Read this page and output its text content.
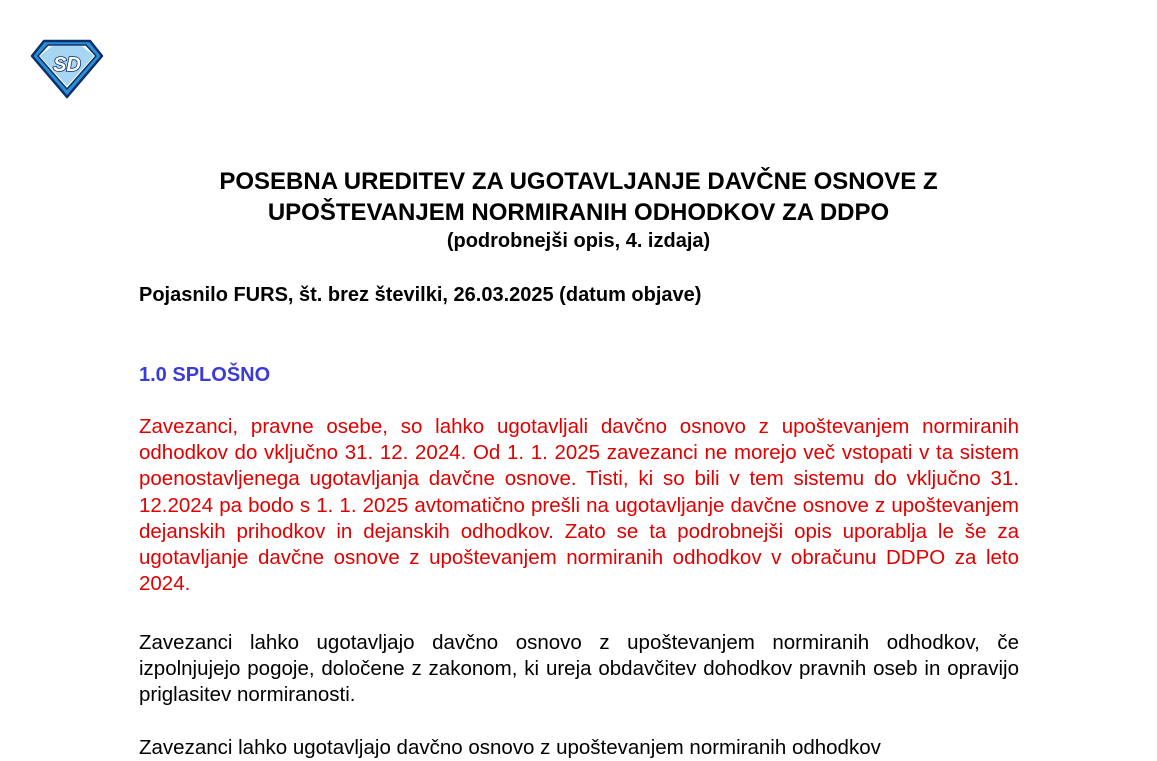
SD

POSEBNA UREDITEV ZA UGOTAVLJANJE DAVČNE OSNOVE Z

UPOŠTEVANJEM NORMIRANIH ODHODKOV ZA DDPO

(podrobnejši opis, 4. izdaja)

Pojasnilo FURS, št. brez številki, 26.03.2025 (datum objave)
1.0 SPLOŠNO

Zavezanci, pravne osebe, so lahko ugotavljali davčno osnovo z upoštevanjem normiranih odhodkov do vključno 31. 12. 2024. Od 1. 1. 2025 zavezanci ne morejo več vstopati v ta sistem poenostavljenega ugotavljanja davčne osnove. Tisti, ki so bili v tem sistemu do vključno 31. 12.2024 pa bodo s 1. 1. 2025 avtomatično prešli na ugotavljanje davčne osnove z upoštevanjem dejanskih prihodkov in dejanskih odhodkov. Zato se ta podrobnejši opis uporablja le še za ugotavljanje davčne osnove z upoštevanjem normiranih odhodkov v obračunu DDPO za leto 2024.

Zavezanci lahko ugotavljajo davčno osnovo z upoštevanjem normiranih odhodkov, če izpolnjujejo pogoje, določene z zakonom, ki ureja obdavčitev dohodkov pravnih oseb in opravijo priglasitev normiranosti.

Zavezanci lahko ugotavljajo davčno osnovo z upoštevanjem normiranih odhodkov
